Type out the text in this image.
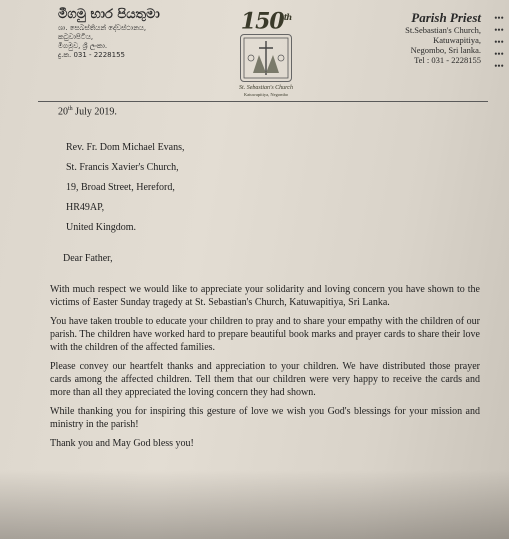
මීගමු භාර පියතුමා
ශා. සෙබස්තියන් දේවස්ථානය,
කටුවාපිටිය,
මීගමුව, ශ්‍රී ලංකා.
දු.ක. 031 - 2228155
150th
St. Sebastian's Church
Katuwapitiya, Negombo
Parish Priest
St.Sebastian's Church,
Katuwapitiya,
Negombo, Sri lanka.
Tel : 031 - 2228155
•••
•••
•••
•••
•••
20th July 2019.
Rev. Fr. Dom Michael Evans,
St. Francis Xavier's Church,
19, Broad Street, Hereford,
HR49AP,
United Kingdom.
Dear Father,

With much respect we would like to appreciate your solidarity and loving concern you have shown to the victims of Easter Sunday tragedy at St. Sebastian's Church, Katuwapitiya, Sri Lanka.

You have taken trouble to educate your children to pray and to share your empathy with the children of our parish. The children have worked hard to prepare beautiful book marks and prayer cards to share their love with the children of the affected families.

Please convey our heartfelt thanks and appreciation to your children. We have distributed those prayer cards among the affected children. Tell them that our children were very happy to receive the cards and more than all they appreciated the loving concern they had shown.

While thanking you for inspiring this gesture of love we wish you God's blessings for your mission and ministry in the parish!

Thank you and May God bless you!
